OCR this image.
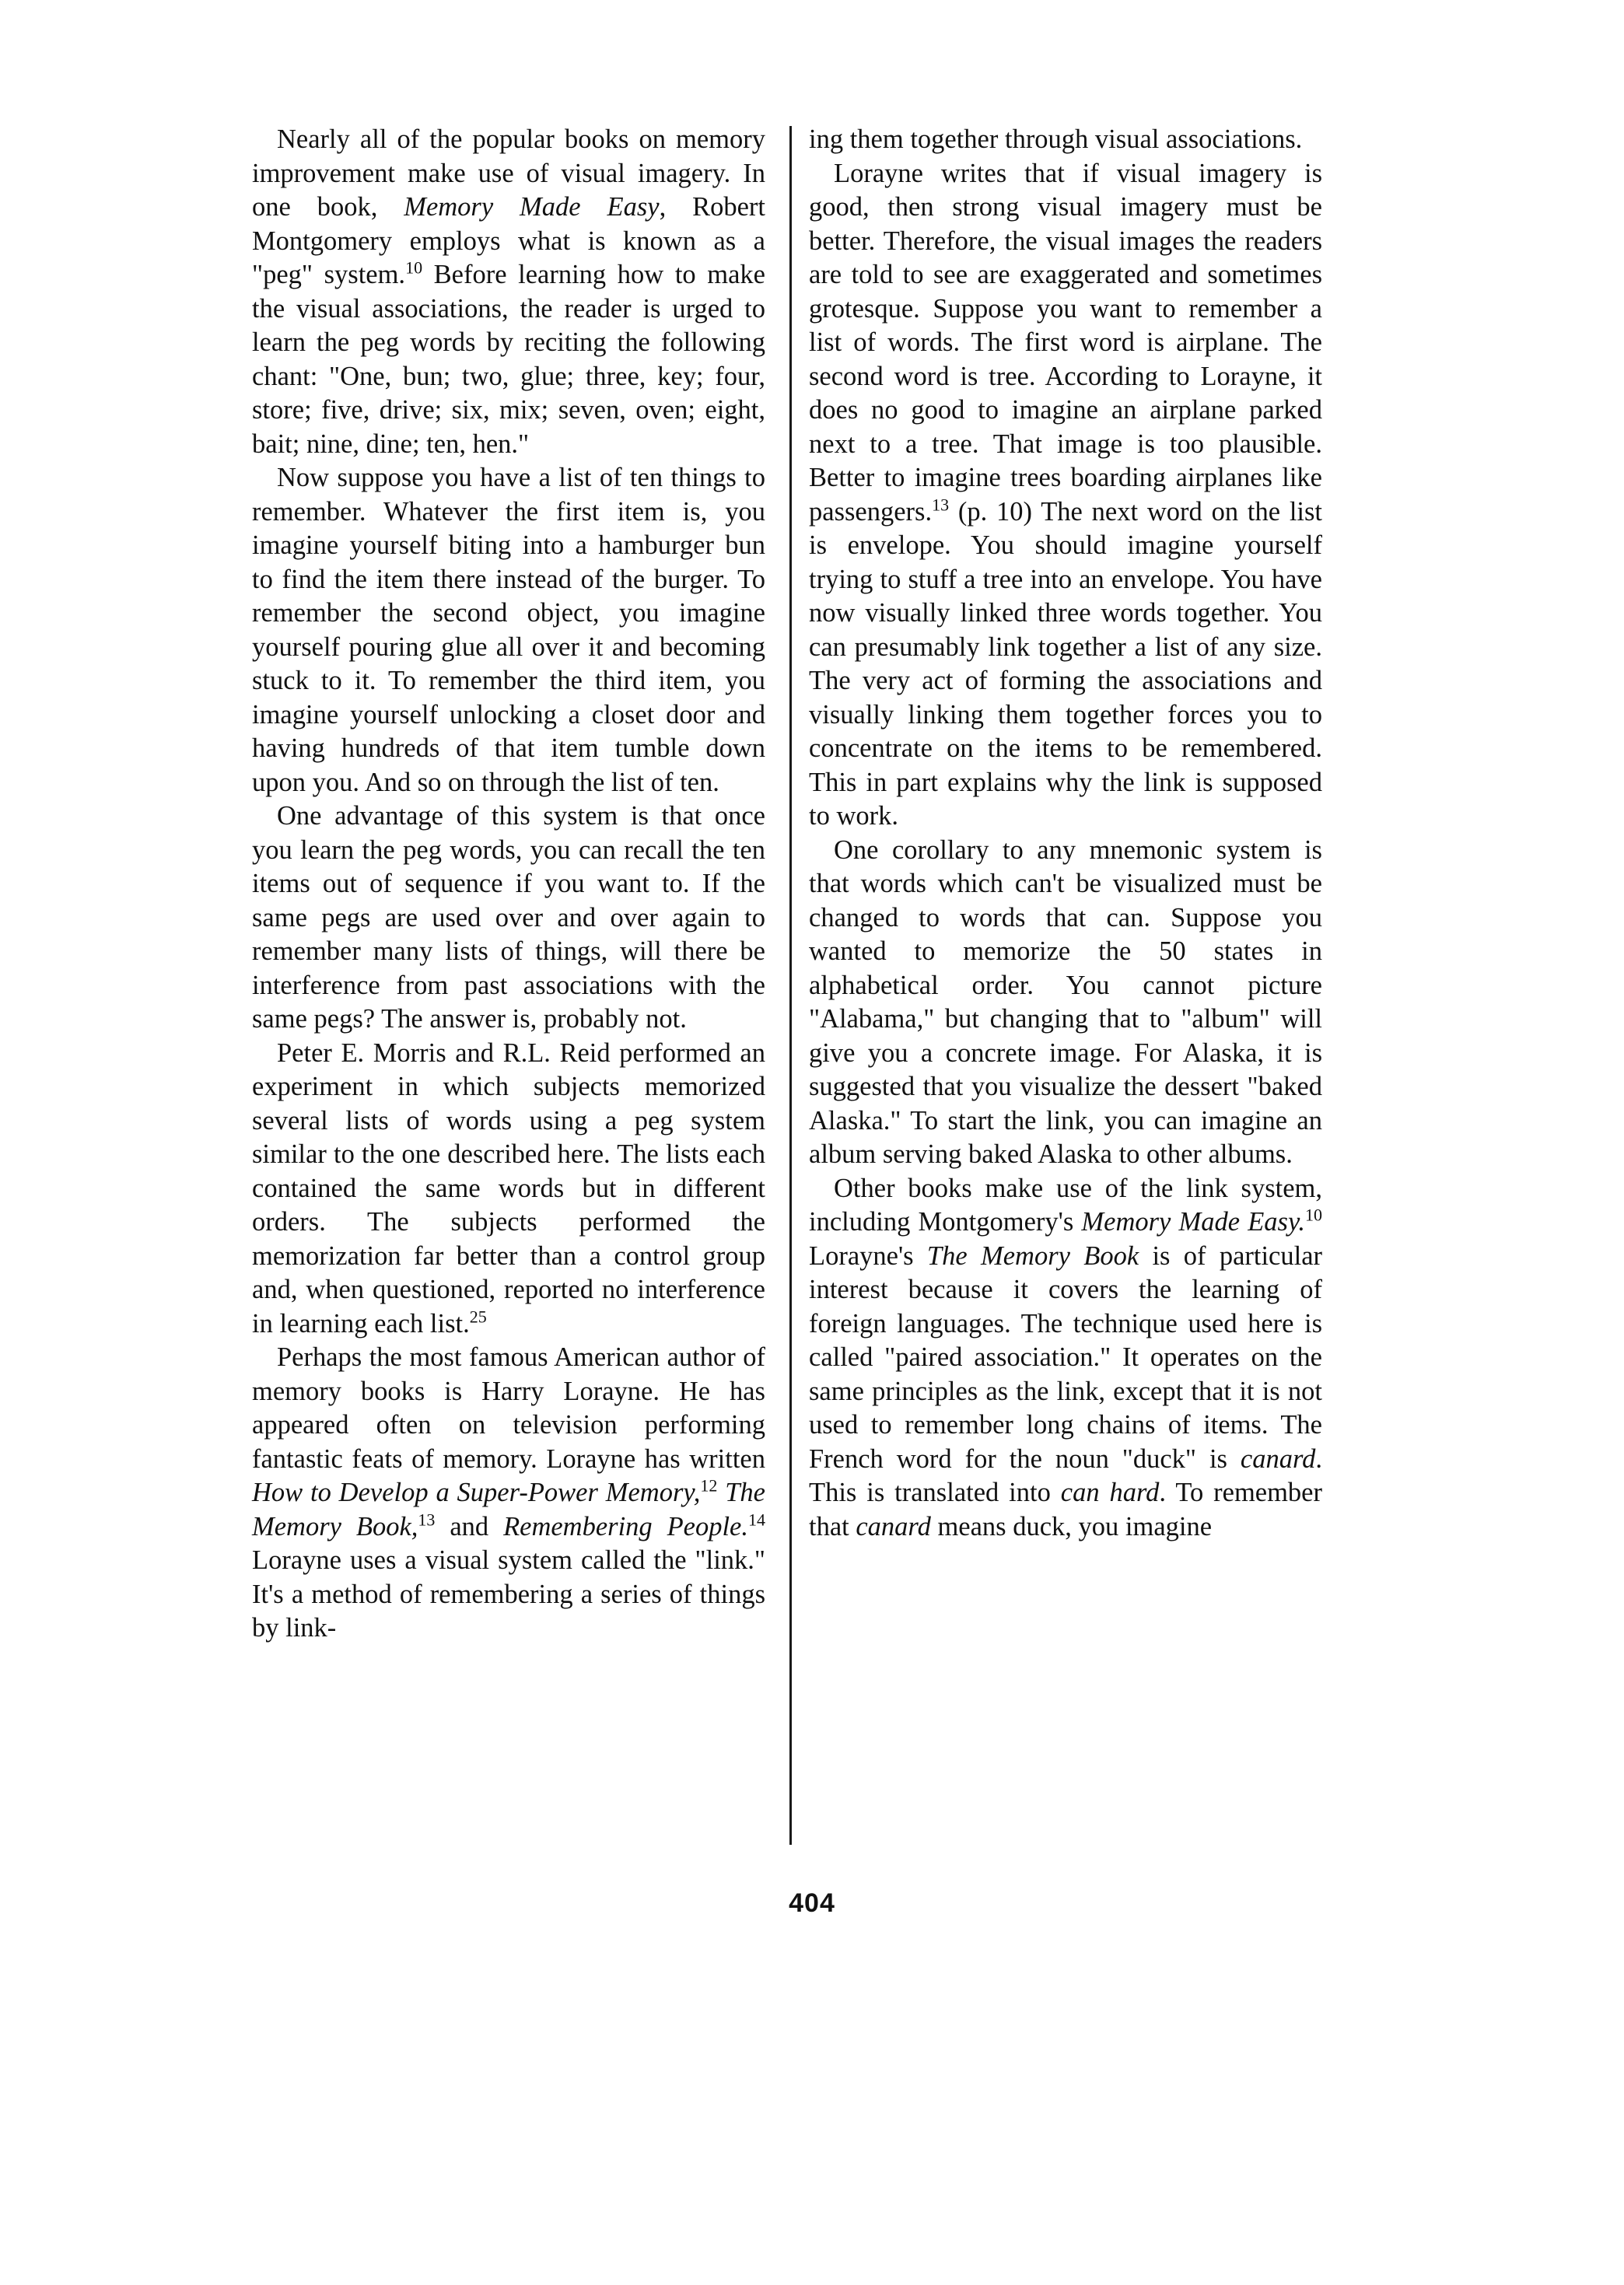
Nearly all of the popular books on memory improvement make use of visual imagery. In one book, Memory Made Easy, Robert Montgomery employs what is known as a "peg" system.$^{10}$ Before learning how to make the visual associations, the reader is urged to learn the peg words by reciting the following chant: "One, bun; two, glue; three, key; four, store; five, drive; six, mix; seven, oven; eight, bait; nine, dine; ten, hen."

Now suppose you have a list of ten things to remember. Whatever the first item is, you imagine yourself biting into a hamburger bun to find the item there instead of the burger. To remember the second object, you imagine yourself pouring glue all over it and becoming stuck to it. To remember the third item, you imagine yourself unlocking a closet door and having hundreds of that item tumble down upon you. And so on through the list of ten.

One advantage of this system is that once you learn the peg words, you can recall the ten items out of sequence if you want to. If the same pegs are used over and over again to remember many lists of things, will there be interference from past associations with the same pegs? The answer is, probably not.

Peter E. Morris and R.L. Reid performed an experiment in which subjects memorized several lists of words using a peg system similar to the one described here. The lists each contained the same words but in different orders. The subjects performed the memorization far better than a control group and, when questioned, reported no interference in learning each list.$^{25}$

Perhaps the most famous American author of memory books is Harry Lorayne. He has appeared often on television performing fantastic feats of memory. Lorayne has written How to Develop a Super-Power Memory,$^{12}$ The Memory Book,$^{13}$ and Remembering People.$^{14}$ Lorayne uses a visual system called the "link." It's a method of remembering a series of things by link-

ing them together through visual associations.

Lorayne writes that if visual imagery is good, then strong visual imagery must be better. Therefore, the visual images the readers are told to see are exaggerated and sometimes grotesque. Suppose you want to remember a list of words. The first word is airplane. The second word is tree. According to Lorayne, it does no good to imagine an airplane parked next to a tree. That image is too plausible. Better to imagine trees boarding airplanes like passengers.$^{13}$ (p. 10) The next word on the list is envelope. You should imagine yourself trying to stuff a tree into an envelope. You have now visually linked three words together. You can presumably link together a list of any size. The very act of forming the associations and visually linking them together forces you to concentrate on the items to be remembered. This in part explains why the link is supposed to work.

One corollary to any mnemonic system is that words which can't be visualized must be changed to words that can. Suppose you wanted to memorize the 50 states in alphabetical order. You cannot picture "Alabama," but changing that to "album" will give you a concrete image. For Alaska, it is suggested that you visualize the dessert "baked Alaska." To start the link, you can imagine an album serving baked Alaska to other albums.

Other books make use of the link system, including Montgomery's Memory Made Easy.$^{10}$ Lorayne's The Memory Book is of particular interest because it covers the learning of foreign languages. The technique used here is called "paired association." It operates on the same principles as the link, except that it is not used to remember long chains of items. The French word for the noun "duck" is canard. This is translated into can hard. To remember that canard means duck, you imagine

404
